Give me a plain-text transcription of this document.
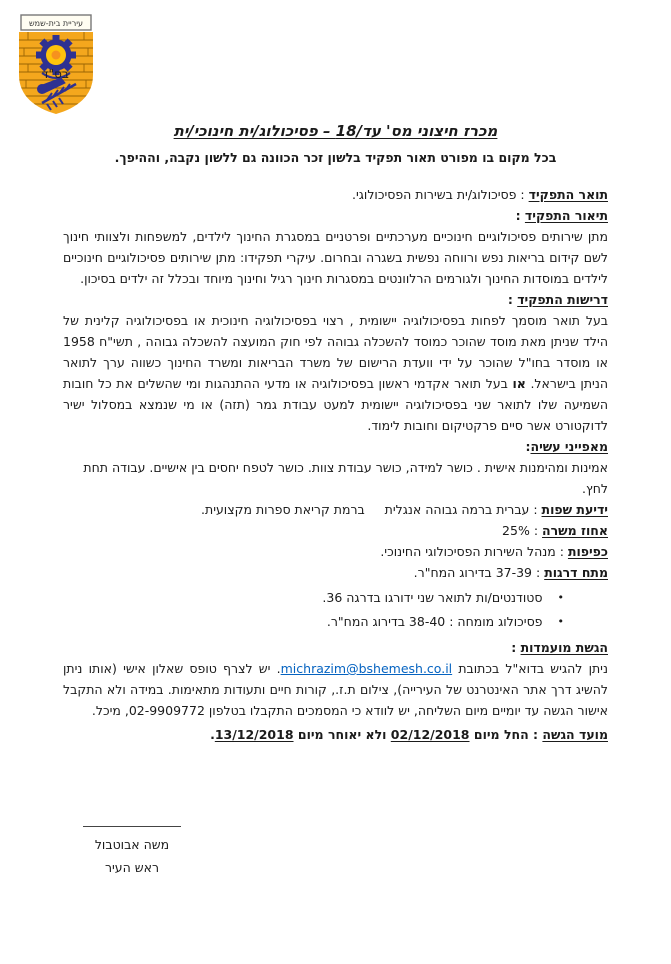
עיריית בית-שמש
בס"ד
מכרז חיצוני מס' עד/18 – פסיכולוג/ית חינוכי/ית
בכל מקום בו מפורט תאור תפקיד בלשון זכר הכוונה גם ללשון נקבה, וההיפך.
תואר התפקיד : פסיכולוג/ית בשירות הפסיכולוגי.
תיאור התפקיד :
מתן שירותים פסיכולוגיים חינוכיים מערכתיים ופרטניים במסגרת החינוך לילדים, למשפחות ולצוותי חינוך לשם קידום בריאות נפש ורווחה נפשית בשגרה ובחרום. עיקרי תפקידו: מתן שירותים פסיכולוגיים חינוכיים לילדים במוסדות החינוך ולגורמים הרלוונטים במסגרות חינוך רגיל וחינוך מיוחד ובכלל זה ילדים בסיכון.
דרישות התפקיד :
בעל תואר מוסמך לפחות בפסיכולוגיה יישומית , רצוי בפסיכולוגיה חינוכית או בפסיכולוגיה קלינית של הילד שניתן מאת מוסד שהוכר כמוסד להשכלה גבוהה לפי חוק המועצה להשכלה גבוהה , תשי"ח 1958 או מוסדר בחו"ל שהוכר על ידי וועדת הרישום של משרד הבריאות ומשרד החינוך כשווה ערך לתואר הניתן בישראל. או בעל תואר אקדמי ראשון בפסיכולוגיה או מדעי ההתנהגות ומי שהשלים את כל חובות השמיעה שלו לתואר שני בפסיכולוגיה יישומית למעט עבודת גמר (תזה) או מי שנמצא במסלול ישיר לדוקטורט אשר סיים פרקטיקום וחובות לימוד.
מאפייני עשיה:
אמינות ומהימנות אישית . כושר למידה, כושר עבודת צוות. כושר לטפח יחסים בין אישיים. עבודה תחת לחץ.
ידיעת שפות : עברית ברמה גבוהה אנגלית     ברמת קריאת ספרות מקצועית.
אחוז משרה : 25%
כפיפות : מנהל השירות הפסיכולוגי החינוכי.
מתח דרגות : 37-39 בדירוג המח"ר.
•
סטודנטים/ות לתואר שני ידורגו בדרגה 36.
•
פסיכולוג מומחה : 38-40 בדירוג המח"ר.
הגשת מועמדות :
ניתן להגיש בדוא"ל בכתובת michrazim@bshemesh.co.il. יש לצרף טופס שאלון אישי (אותו ניתן להשיג דרך אתר האינטרנט של העירייה), צילום ת.ז., קורות חיים ותעודות מתאימות. במידה ולא התקבל אישור הגשה עד יומיים מיום השליחה, יש לוודא כי המסמכים התקבלו בטלפון 02-9909772, מיכל.
מועד הגשה : החל מיום 02/12/2018 ולא יאוחר מיום 13/12/2018.
משה אבוטבול
ראש העיר
